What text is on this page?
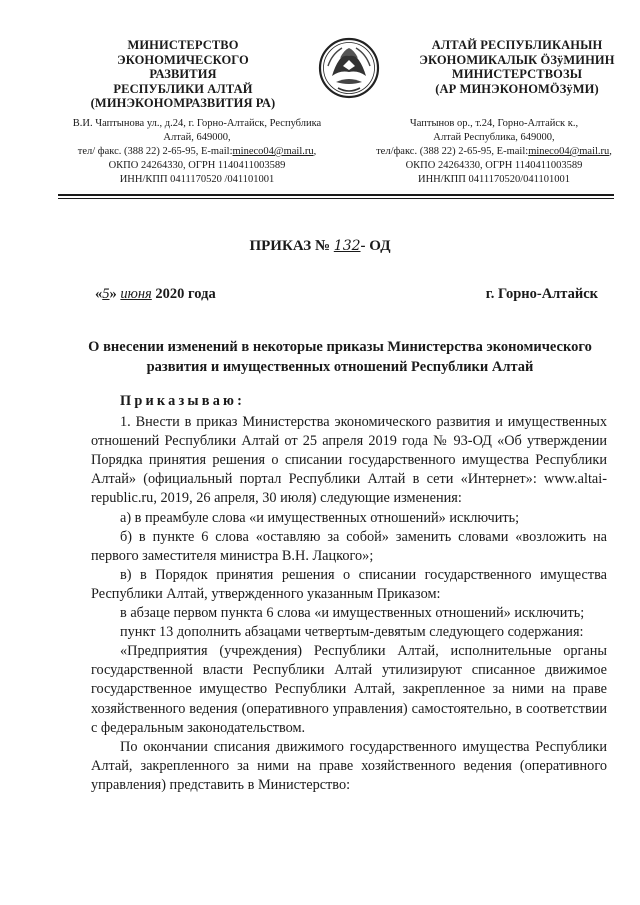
МИНИСТЕРСТВО
ЭКОНОМИЧЕСКОГО РАЗВИТИЯ
РЕСПУБЛИКИ АЛТАЙ
(МИНЭКОНОМРАЗВИТИЯ РА)
АЛТАЙ РЕСПУБЛИКАНЫН
ЭКОНОМИКАЛЫК ÖЗÿМИНИН
МИНИСТЕРСТВОЗЫ
(АР МИНЭКОНОМÖЗÿМИ)
В.И. Чаптынова ул., д.24, г. Горно-Алтайск, Республика
Алтай, 649000,
тел/ факс. (388 22) 2-65-95, E-mail:mineco04@mail.ru,
ОКПО 24264330, ОГРН 1140411003589
ИНН/КПП 0411170520 /041101001
Чаптынов ор., т.24, Горно-Алтайск к.,
Алтай Республика, 649000,
тел/факс. (388 22) 2-65-95, E-mail:mineco04@mail.ru,
ОКПО 24264330, ОГРН 1140411003589
ИНН/КПП 0411170520/041101001
ПРИКАЗ № 132- ОД
«5» июня 2020 года	г. Горно-Алтайск
О внесении изменений в некоторые приказы Министерства экономического развития и имущественных отношений Республики Алтай
Приказываю:

1. Внести в приказ Министерства экономического развития и имущественных отношений Республики Алтай от 25 апреля 2019 года № 93-ОД «Об утверждении Порядка принятия решения о списании государственного имущества Республики Алтай» (официальный портал Республики Алтай в сети «Интернет»: www.altai-republic.ru, 2019, 26 апреля, 30 июля) следующие изменения:

а) в преамбуле слова «и имущественных отношений» исключить;

б) в пункте 6 слова «оставляю за собой» заменить словами «возложить на первого заместителя министра В.Н. Лацкого»;

в) в Порядок принятия решения о списании государственного имущества Республики Алтай, утвержденного указанным Приказом:

в абзаце первом пункта 6 слова «и имущественных отношений» исключить;

пункт 13 дополнить абзацами четвертым-девятым следующего содержания:

«Предприятия (учреждения) Республики Алтай, исполнительные органы государственной власти Республики Алтай утилизируют списанное движимое государственное имущество Республики Алтай, закрепленное за ними на праве хозяйственного ведения (оперативного управления) самостоятельно, в соответствии с федеральным законодательством.

По окончании списания движимого государственного имущества Республики Алтай, закрепленного за ними на праве хозяйственного ведения (оперативного управления) представить в Министерство:
